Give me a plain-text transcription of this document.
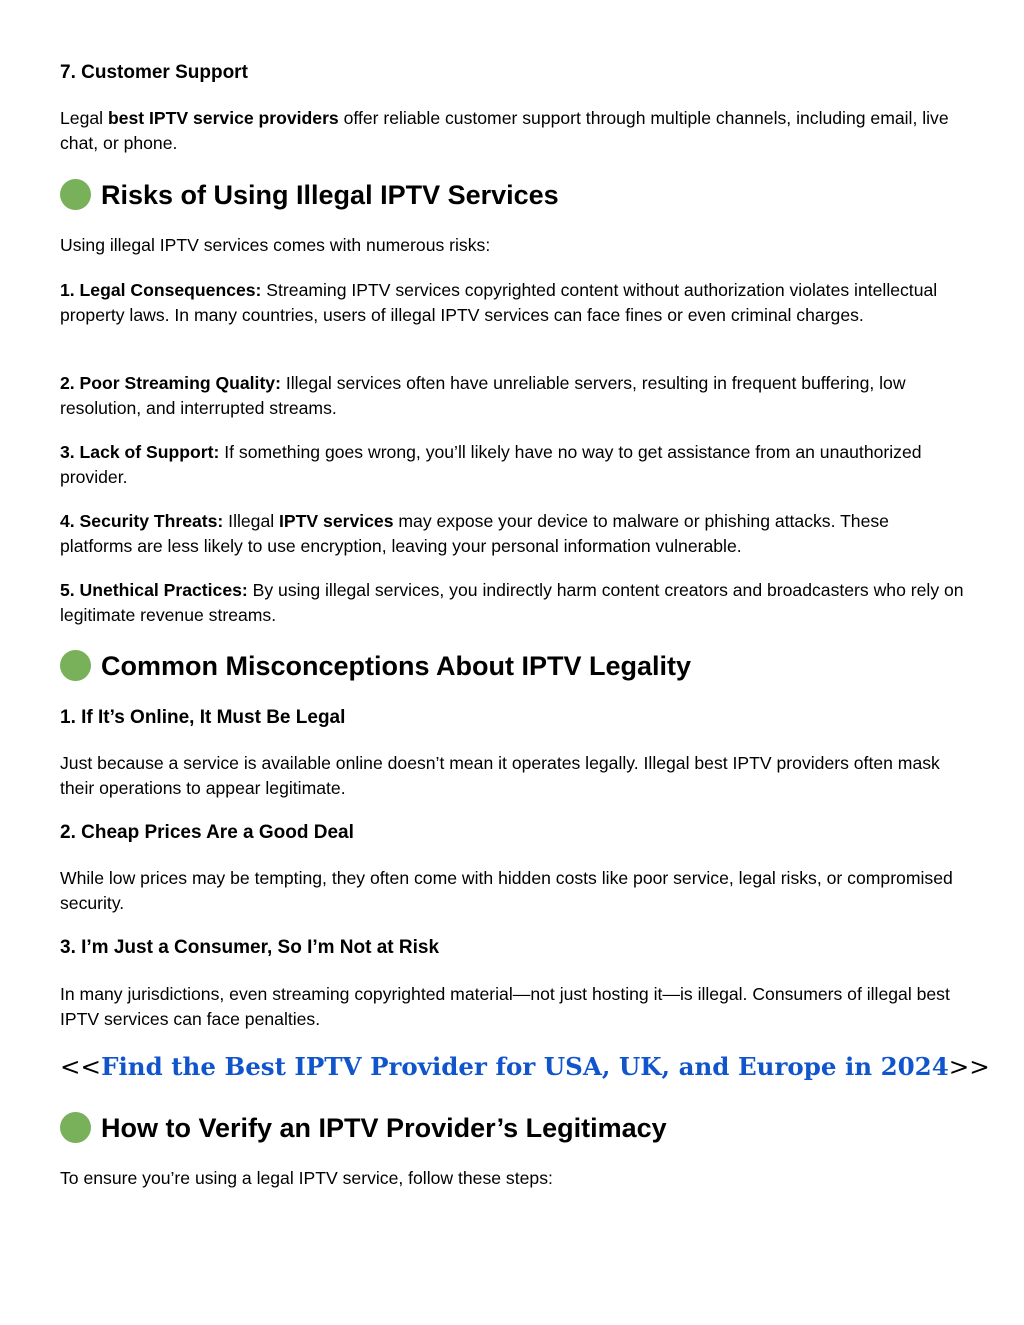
7. Customer Support

Legal best IPTV service providers offer reliable customer support through multiple channels, including email, live chat, or phone.

Risks of Using Illegal IPTV Services

Using illegal IPTV services comes with numerous risks:

1. Legal Consequences: Streaming IPTV services copyrighted content without authorization violates intellectual property laws. In many countries, users of illegal IPTV services can face fines or even criminal charges.

2. Poor Streaming Quality: Illegal services often have unreliable servers, resulting in frequent buffering, low resolution, and interrupted streams.

3. Lack of Support: If something goes wrong, you’ll likely have no way to get assistance from an unauthorized provider.

4. Security Threats: Illegal IPTV services may expose your device to malware or phishing attacks. These platforms are less likely to use encryption, leaving your personal information vulnerable.

5. Unethical Practices: By using illegal services, you indirectly harm content creators and broadcasters who rely on legitimate revenue streams.

Common Misconceptions About IPTV Legality
1. If It’s Online, It Must Be Legal

Just because a service is available online doesn’t mean it operates legally. Illegal best IPTV providers often mask their operations to appear legitimate.

2. Cheap Prices Are a Good Deal

While low prices may be tempting, they often come with hidden costs like poor service, legal risks, or compromised security.

3. I’m Just a Consumer, So I’m Not at Risk

In many jurisdictions, even streaming copyrighted material—not just hosting it—is illegal. Consumers of illegal best IPTV services can face penalties.

<<Find the Best IPTV Provider for USA, UK, and Europe in 2024>>
How to Verify an IPTV Provider’s Legitimacy

To ensure you’re using a legal IPTV service, follow these steps:
